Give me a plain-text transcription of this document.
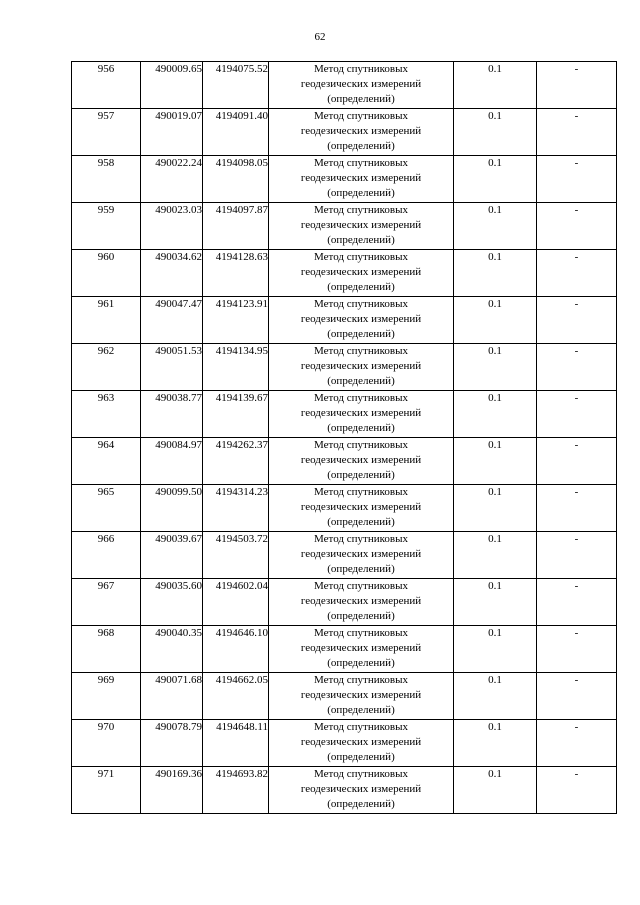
62
956	490009.65	4194075.52	Метод спутниковых
геодезических измерений
(определений)	0.1	-
957	490019.07	4194091.40	Метод спутниковых
геодезических измерений
(определений)	0.1	-
958	490022.24	4194098.05	Метод спутниковых
геодезических измерений
(определений)	0.1	-
959	490023.03	4194097.87	Метод спутниковых
геодезических измерений
(определений)	0.1	-
960	490034.62	4194128.63	Метод спутниковых
геодезических измерений
(определений)	0.1	-
961	490047.47	4194123.91	Метод спутниковых
геодезических измерений
(определений)	0.1	-
962	490051.53	4194134.95	Метод спутниковых
геодезических измерений
(определений)	0.1	-
963	490038.77	4194139.67	Метод спутниковых
геодезических измерений
(определений)	0.1	-
964	490084.97	4194262.37	Метод спутниковых
геодезических измерений
(определений)	0.1	-
965	490099.50	4194314.23	Метод спутниковых
геодезических измерений
(определений)	0.1	-
966	490039.67	4194503.72	Метод спутниковых
геодезических измерений
(определений)	0.1	-
967	490035.60	4194602.04	Метод спутниковых
геодезических измерений
(определений)	0.1	-
968	490040.35	4194646.10	Метод спутниковых
геодезических измерений
(определений)	0.1	-
969	490071.68	4194662.05	Метод спутниковых
геодезических измерений
(определений)	0.1	-
970	490078.79	4194648.11	Метод спутниковых
геодезических измерений
(определений)	0.1	-
971	490169.36	4194693.82	Метод спутниковых
геодезических измерений
(определений)	0.1	-
